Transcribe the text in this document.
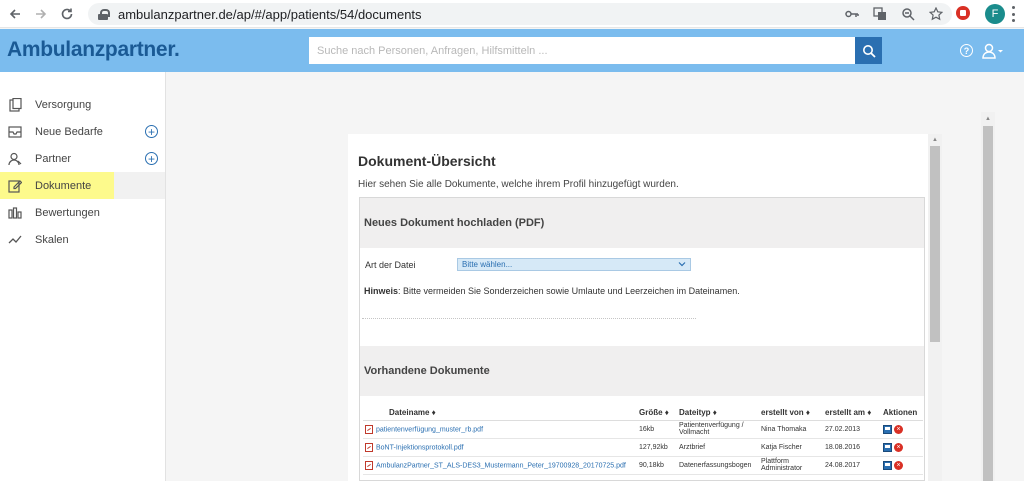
ambulanzpartner.de/ap/#/app/patients/54/documents	F
Ambulanzpartner.
Suche nach Personen, Anfragen, Hilfsmitteln ...	?
Versorgung
Neue Bedarfe	+
Partner	+
Dokumente
Bewertungen
Skalen
Dokument-Übersicht

Hier sehen Sie alle Dokumente, welche ihrem Profil hinzugefügt wurden.

Neues Dokument hochladen (PDF)
Art der Datei	Bitte wählen...

Hinweis: Bitte vermeiden Sie Sonderzeichen sowie Umlaute und Leerzeichen im Dateinamen.

Vorhandene Dokumente
	Dateiname ♦	Größe ♦	Dateityp ♦	erstellt von ♦	erstellt am ♦	Aktionen
patientenverfügung_muster_rb.pdf		16kb	Patientenverfügung / Vollmacht	Nina Thomaka	27.02.2013	×
BoNT-Injektionsprotokoll.pdf		127,92kb	Arztbrief	Katja Fischer	18.08.2016	×
AmbulanzPartner_ST_ALS-DES3_Mustermann_Peter_19700928_20170725.pdf		90,18kb	Datenerfassungsbogen	Plattform Administrator	24.08.2017	×
▲
▲
